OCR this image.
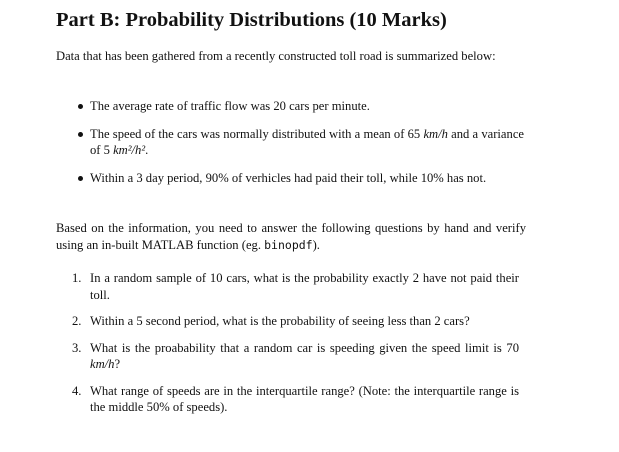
Part B: Probability Distributions (10 Marks)

Data that has been gathered from a recently constructed toll road is summarized below:

The average rate of traffic flow was 20 cars per minute.
The speed of the cars was normally distributed with a mean of 65 km/h and a variance of 5 km²/h².
Within a 3 day period, 90% of verhicles had paid their toll, while 10% has not.

Based on the information, you need to answer the following questions by hand and verify using an in-built MATLAB function (eg. binopdf).

1. In a random sample of 10 cars, what is the probability exactly 2 have not paid their toll.
2. Within a 5 second period, what is the probability of seeing less than 2 cars?
3. What is the proabability that a random car is speeding given the speed limit is 70 km/h?
4. What range of speeds are in the interquartile range? (Note: the interquartile range is the middle 50% of speeds).
